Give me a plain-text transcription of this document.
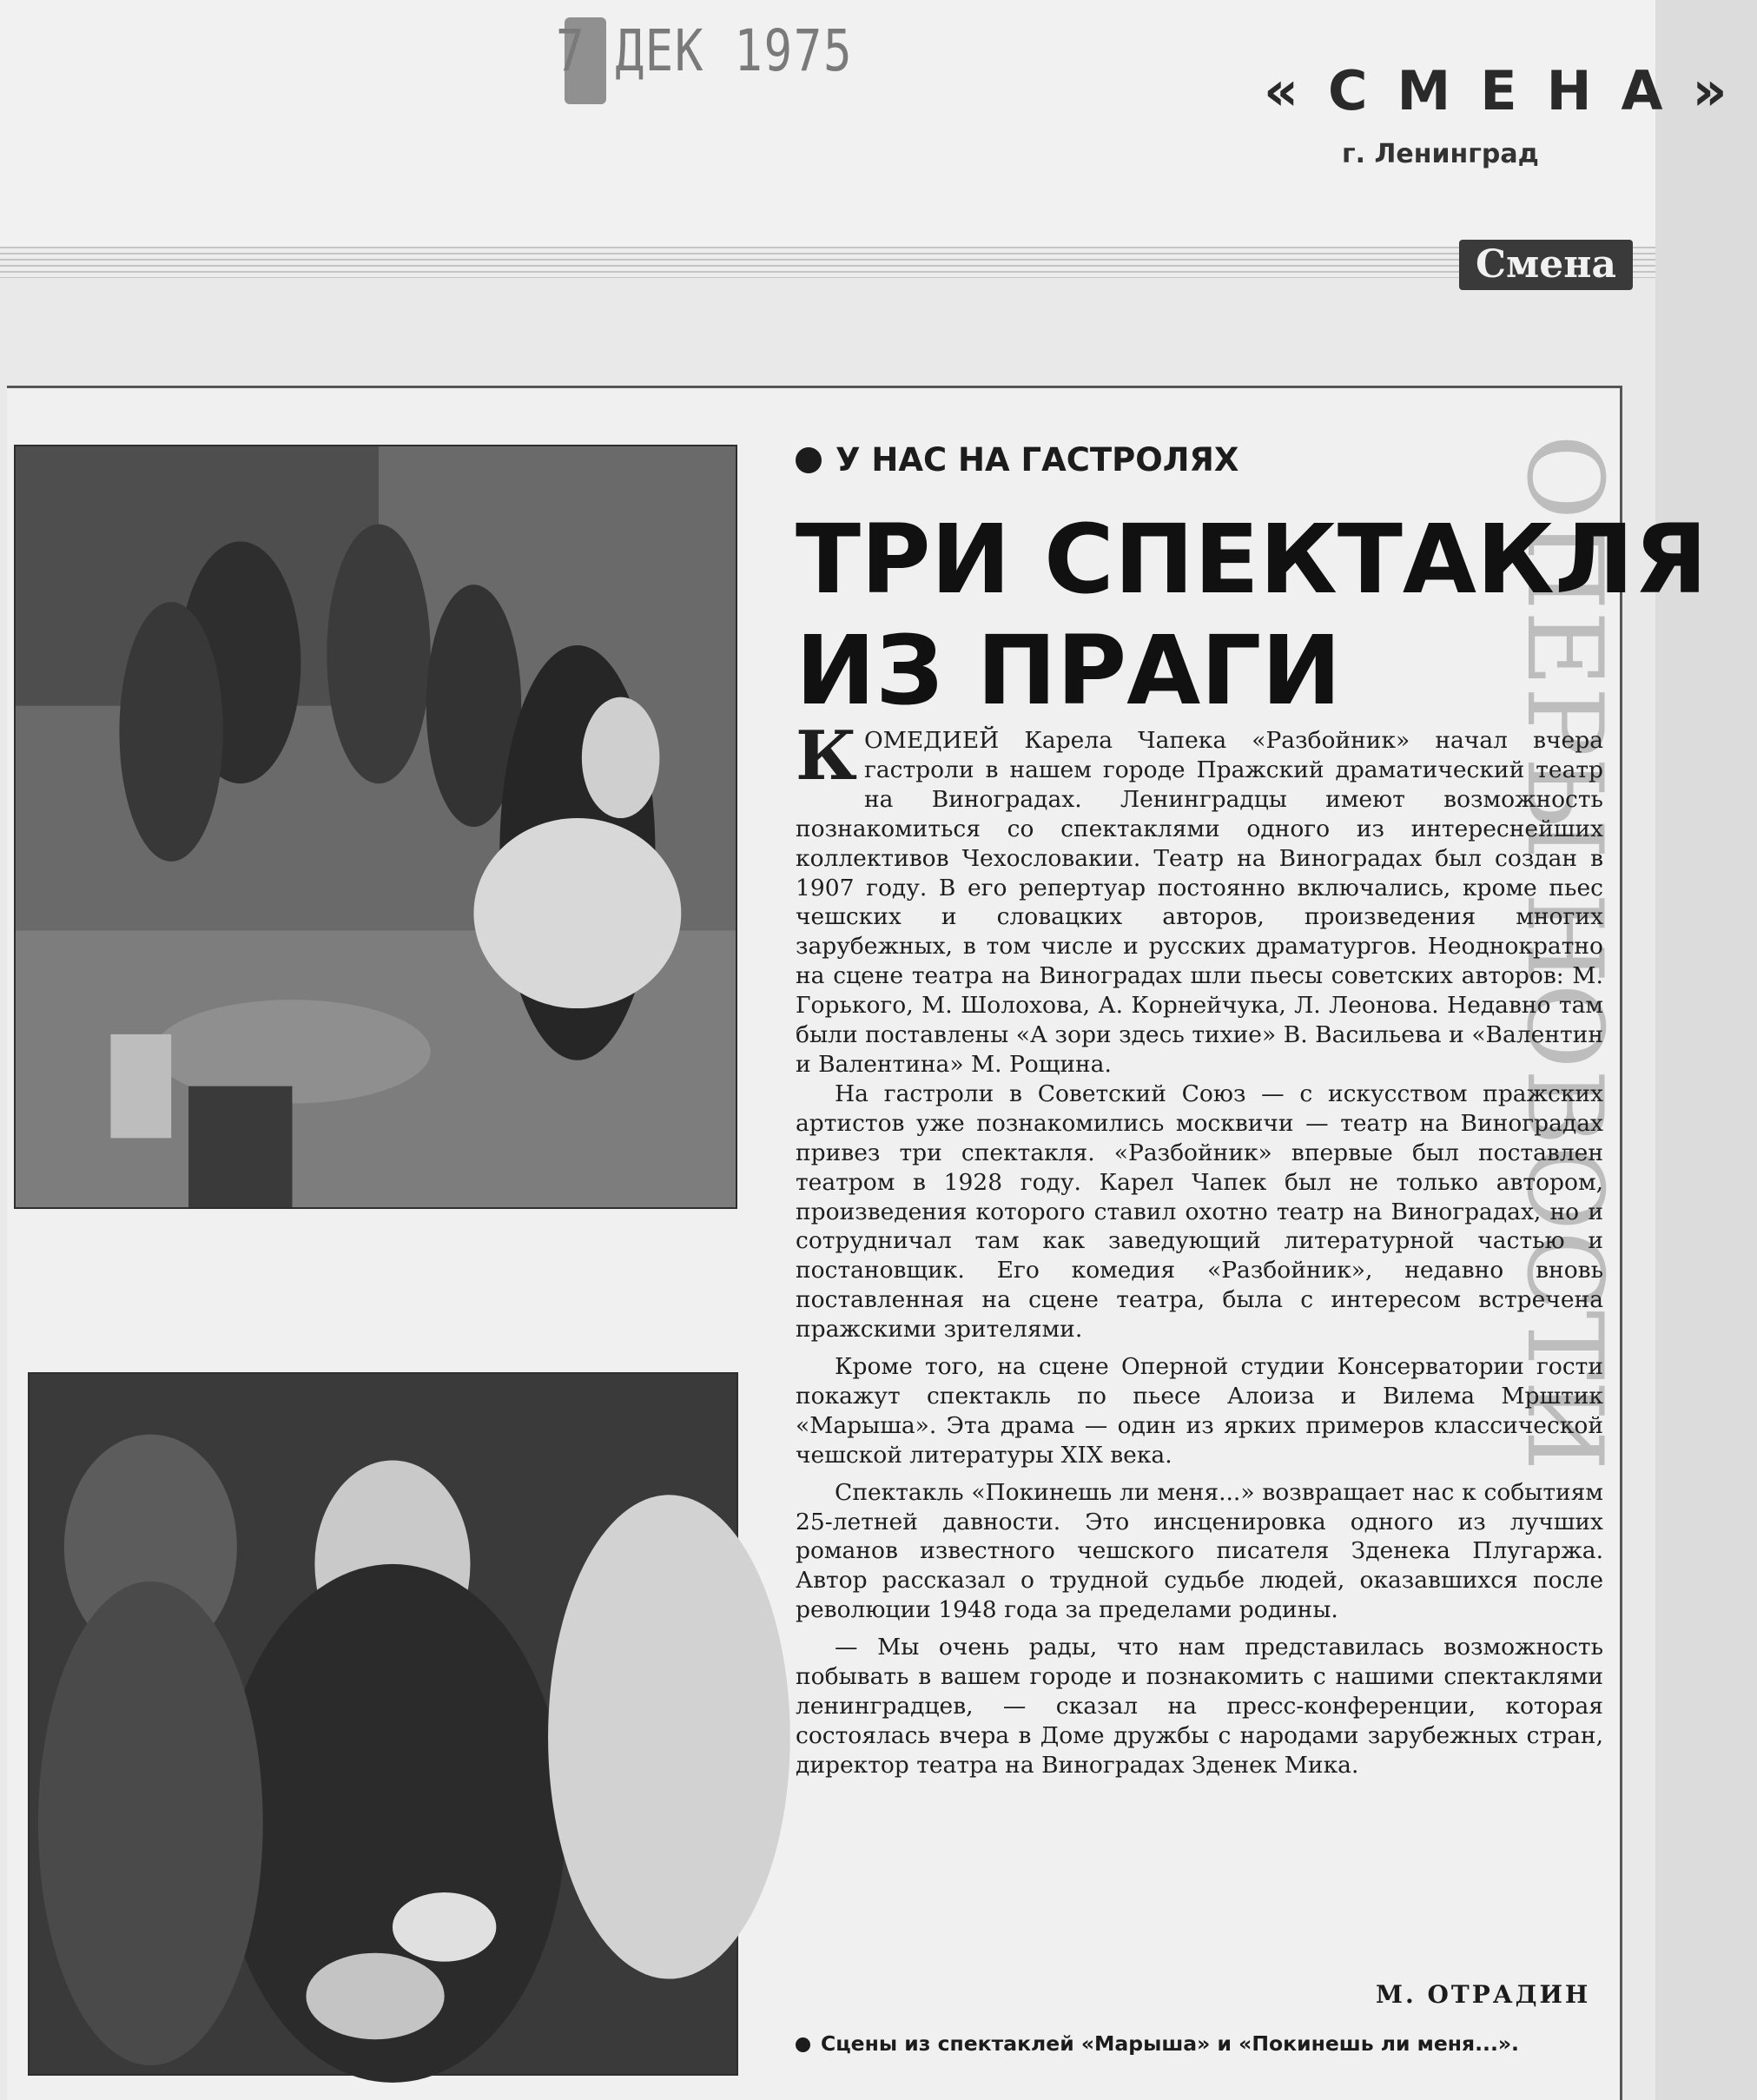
7 ДЕК 1975
«СМЕНА»
г. Ленинград
Смена
ОПЕРЫ НОВОСТИ
У НАС НА ГАСТРОЛЯХ
ТРИ СПЕКТАКЛЯ
ИЗ ПРАГИ

КОМЕДИЕЙ Карела Чапека «Разбойник» начал вчера гастроли в нашем городе Пражский драматический театр на Виноградах. Ленинградцы имеют возможность познакомиться со спектаклями одного из интереснейших коллективов Чехословакии. Театр на Виноградах был создан в 1907 году. В его репертуар постоянно включались, кроме пьес чешских и словацких авторов, произведения многих зарубежных, в том числе и русских драматургов. Неоднократно на сцене театра на Виноградах шли пьесы советских авторов: М. Горького, М. Шолохова, А. Корнейчука, Л. Леонова. Недавно там были поставлены «А зори здесь тихие» В. Васильева и «Валентин и Валентина» М. Рощина.

На гастроли в Советский Союз — с искусством пражских артистов уже познакомились москвичи — театр на Виноградах привез три спектакля. «Разбойник» впервые был поставлен театром в 1928 году. Карел Чапек был не только автором, произведения которого ставил охотно театр на Виноградах, но и сотрудничал там как заведующий литературной частью и постановщик. Его комедия «Разбойник», недавно вновь поставленная на сцене театра, была с интересом встречена пражскими зрителями.

Кроме того, на сцене Оперной студии Консерватории гости покажут спектакль по пьесе Алоиза и Вилема Мрштик «Марыша». Эта драма — один из ярких примеров классической чешской литературы XIX века.

Спектакль «Покинешь ли меня...» возвращает нас к событиям 25-летней давности. Это инсценировка одного из лучших романов известного чешского писателя Зденека Плугаржа. Автор рассказал о трудной судьбе людей, оказавшихся после революции 1948 года за пределами родины.

— Мы очень рады, что нам представилась возможность побывать в вашем городе и познакомить с нашими спектаклями ленинградцев, — сказал на пресс-конференции, которая состоялась вчера в Доме дружбы с народами зарубежных стран, директор театра на Виноградах Зденек Мика.

М. ОТРАДИН
Сцены из спектаклей «Марыша» и «Покинешь ли меня...».
